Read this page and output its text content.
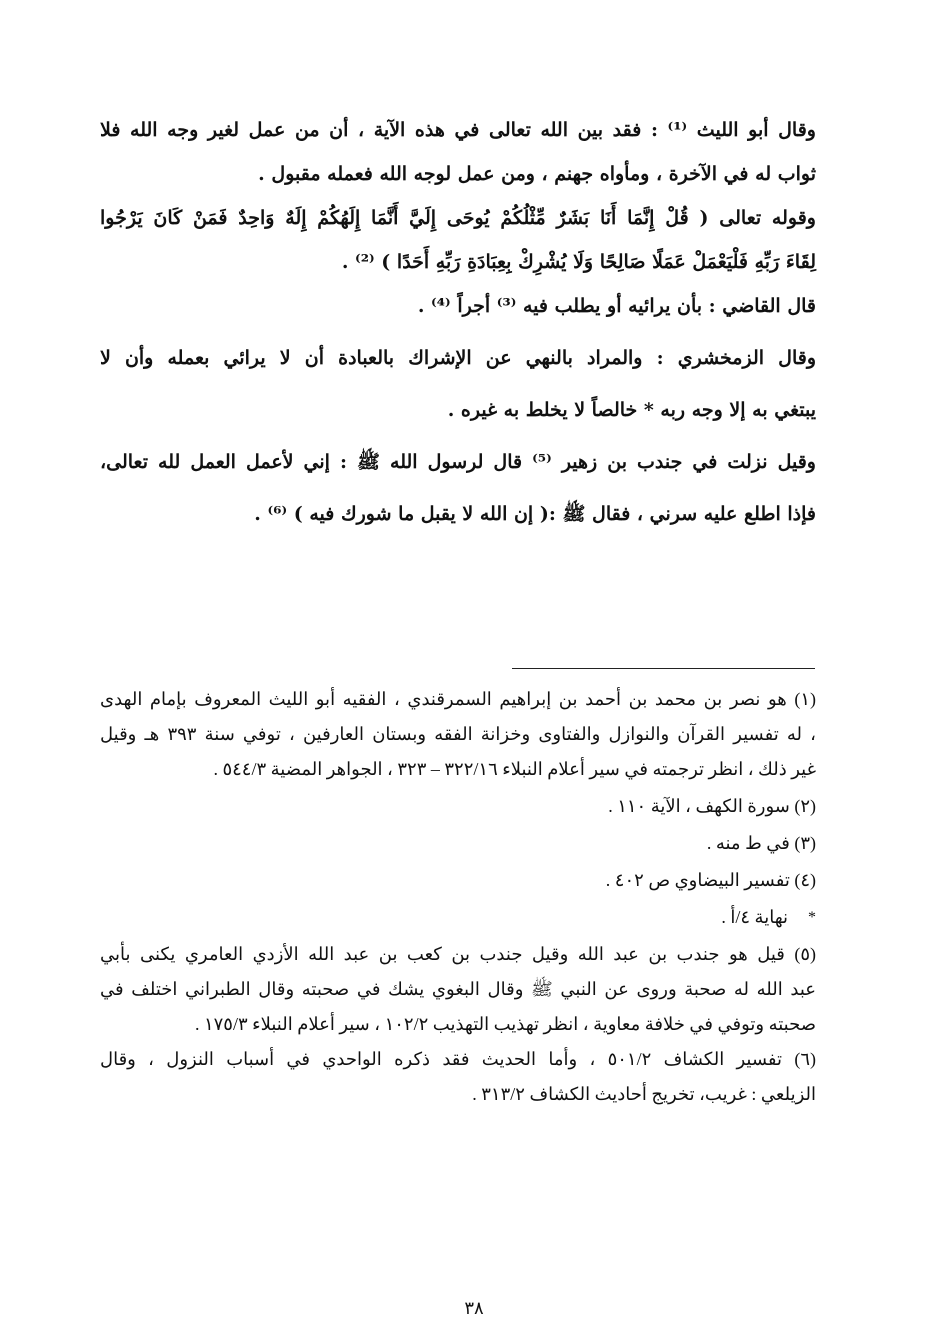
وقال أبو الليث ⁽¹⁾ : فقد بين الله تعالى في هذه الآية ، أن من عمل لغير وجه الله فلا
ثواب له في الآخرة ، ومأواه جهنم ، ومن عمل لوجه الله فعمله مقبول .
وقوله تعالى ( قُلْ إِنَّمَا أَنَا بَشَرٌ مِّثْلُكُمْ يُوحَى إِلَيَّ أَنَّمَا إِلَهُكُمْ إِلَهٌ وَاحِدٌ فَمَنْ كَانَ يَرْجُوا
لِقَاءَ رَبِّهِ فَلْيَعْمَلْ عَمَلًا صَالِحًا وَلَا يُشْرِكْ بِعِبَادَةِ رَبِّهِ أَحَدًا ) ⁽²⁾ .
قال القاضي : بأن يرائيه أو يطلب فيه ⁽³⁾ أجراً ⁽⁴⁾ .
وقال الزمخشري : والمراد بالنهي عن الإشراك بالعبادة أن لا يرائي بعمله وأن لا
يبتغي به إلا وجه ربه * خالصاً لا يخلط به غيره .
وقيل نزلت في جندب بن زهير ⁽⁵⁾ قال لرسول الله ﷺ : إني لأعمل العمل لله تعالى،
فإذا اطلع عليه سرني ، فقال ﷺ :( إن الله لا يقبل ما شورك فيه ) ⁽⁶⁾ .
(١) هو نصر بن محمد بن أحمد بن إبراهيم السمرقندي ، الفقيه أبو الليث المعروف بإمام الهدى
، له تفسير القرآن والنوازل والفتاوى وخزانة الفقه وبستان العارفين ، توفي سنة ٣٩٣ هـ وقيل
غير ذلك ، انظر ترجمته في سير أعلام النبلاء ٣٢٢/١٦ – ٣٢٣ ، الجواهر المضية ٥٤٤/٣ .
(٢) سورة الكهف ، الآية ١١٠ .
(٣) في ط منه .
(٤) تفسير البيضاوي ص ٤٠٢ .
*نهاية ٤/أ .
(٥) قيل هو جندب بن عبد الله وقيل جندب بن كعب بن عبد الله الأزدي العامري يكنى بأبي
عبد الله له صحبة وروى عن النبي ﷺ وقال البغوي يشك في صحبته وقال الطبراني اختلف في
صحبته وتوفي في خلافة معاوية ، انظر تهذيب التهذيب ١٠٢/٢ ، سير أعلام النبلاء ١٧٥/٣ .
(٦) تفسير الكشاف ٥٠١/٢ ، وأما الحديث فقد ذكره الواحدي في أسباب النزول ، وقال
الزيلعي : غريب، تخريج أحاديث الكشاف ٣١٣/٢ .
٣٨
